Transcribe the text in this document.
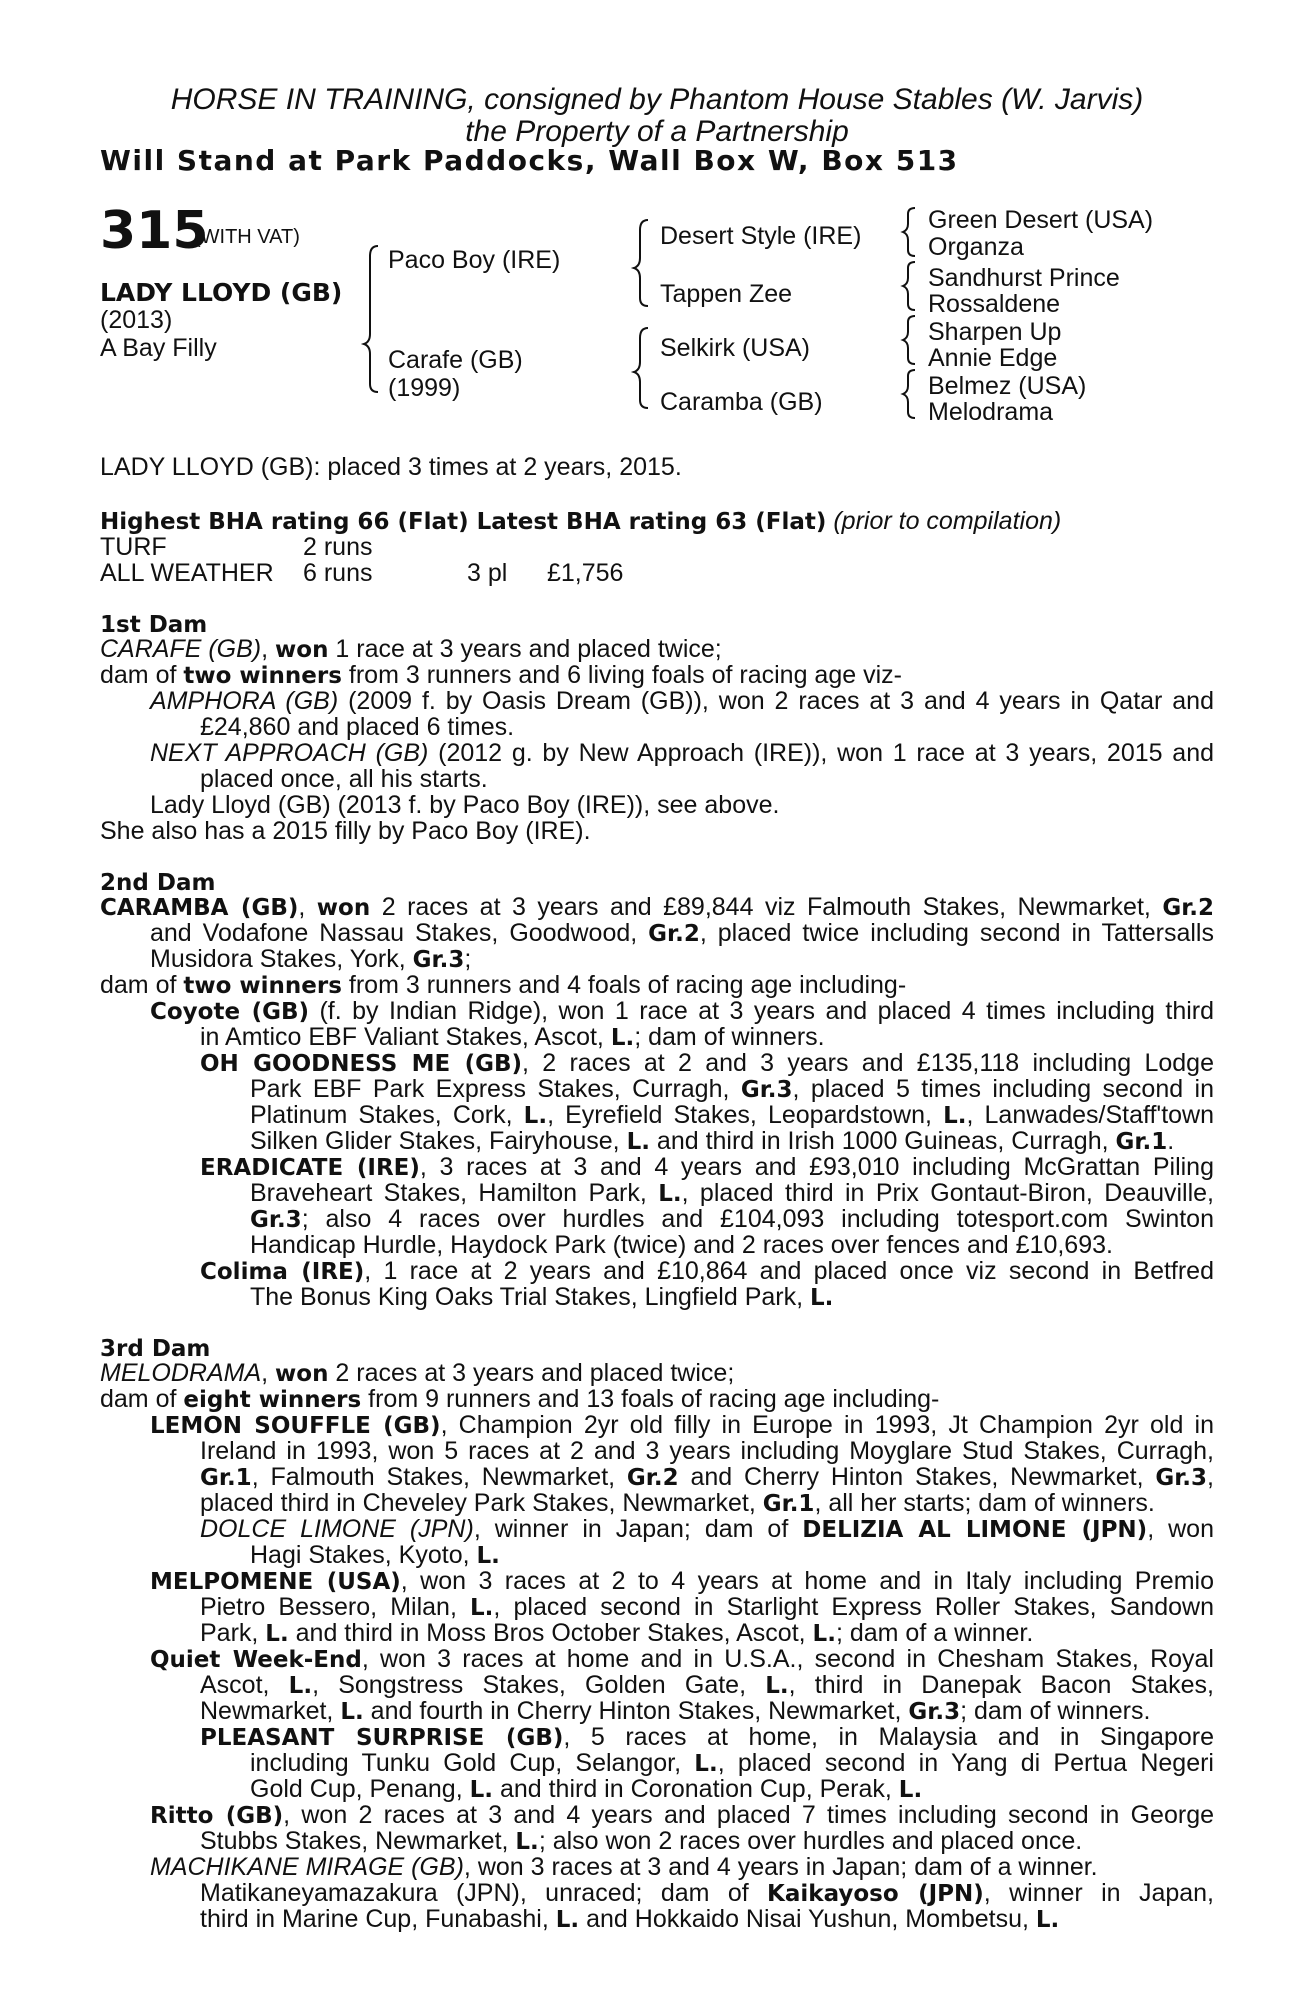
HORSE IN TRAINING, consigned by Phantom House Stables (W. Jarvis)
the Property of a Partnership
Will Stand at Park Paddocks, Wall Box W, Box 513
315
(WITH VAT)
LADY LLOYD (GB)
(2013)
A Bay Filly
Paco Boy (IRE)
Carafe (GB)
(1999)
Desert Style (IRE)
Tappen Zee
Selkirk (USA)
Caramba (GB)
Green Desert (USA)
Organza
Sandhurst Prince
Rossaldene
Sharpen Up
Annie Edge
Belmez (USA)
Melodrama
LADY LLOYD (GB): placed 3 times at 2 years, 2015.
Highest BHA rating 66 (Flat) Latest BHA rating 63 (Flat) (prior to compilation)
TURF	2 runs
ALL WEATHER 6 runs	3 pl £1,756
1st Dam
CARAFE (GB), won 1 race at 3 years and placed twice;
dam of two winners from 3 runners and 6 living foals of racing age viz-
AMPHORA (GB) (2009 f. by Oasis Dream (GB)), won 2 races at 3 and 4 years in Qatar and
£24,860 and placed 6 times.
NEXT APPROACH (GB) (2012 g. by New Approach (IRE)), won 1 race at 3 years, 2015 and
placed once, all his starts.
Lady Lloyd (GB) (2013 f. by Paco Boy (IRE)), see above.
She also has a 2015 filly by Paco Boy (IRE).
2nd Dam
CARAMBA (GB), won 2 races at 3 years and £89,844 viz Falmouth Stakes, Newmarket, Gr.2
and Vodafone Nassau Stakes, Goodwood, Gr.2, placed twice including second in Tattersalls
Musidora Stakes, York, Gr.3;
dam of two winners from 3 runners and 4 foals of racing age including-
Coyote (GB) (f. by Indian Ridge), won 1 race at 3 years and placed 4 times including third
in Amtico EBF Valiant Stakes, Ascot, L.; dam of winners.
OH GOODNESS ME (GB), 2 races at 2 and 3 years and £135,118 including Lodge
Park EBF Park Express Stakes, Curragh, Gr.3, placed 5 times including second in
Platinum Stakes, Cork, L., Eyrefield Stakes, Leopardstown, L., Lanwades/Staff'town
Silken Glider Stakes, Fairyhouse, L. and third in Irish 1000 Guineas, Curragh, Gr.1.
ERADICATE (IRE), 3 races at 3 and 4 years and £93,010 including McGrattan Piling
Braveheart Stakes, Hamilton Park, L., placed third in Prix Gontaut-Biron, Deauville,
Gr.3; also 4 races over hurdles and £104,093 including totesport.com Swinton
Handicap Hurdle, Haydock Park (twice) and 2 races over fences and £10,693.
Colima (IRE), 1 race at 2 years and £10,864 and placed once viz second in Betfred
The Bonus King Oaks Trial Stakes, Lingfield Park, L.
3rd Dam
MELODRAMA, won 2 races at 3 years and placed twice;
dam of eight winners from 9 runners and 13 foals of racing age including-
LEMON SOUFFLE (GB), Champion 2yr old filly in Europe in 1993, Jt Champion 2yr old in
Ireland in 1993, won 5 races at 2 and 3 years including Moyglare Stud Stakes, Curragh,
Gr.1, Falmouth Stakes, Newmarket, Gr.2 and Cherry Hinton Stakes, Newmarket, Gr.3,
placed third in Cheveley Park Stakes, Newmarket, Gr.1, all her starts; dam of winners.
DOLCE LIMONE (JPN), winner in Japan; dam of DELIZIA AL LIMONE (JPN), won
Hagi Stakes, Kyoto, L.
MELPOMENE (USA), won 3 races at 2 to 4 years at home and in Italy including Premio
Pietro Bessero, Milan, L., placed second in Starlight Express Roller Stakes, Sandown
Park, L. and third in Moss Bros October Stakes, Ascot, L.; dam of a winner.
Quiet Week-End, won 3 races at home and in U.S.A., second in Chesham Stakes, Royal
Ascot, L., Songstress Stakes, Golden Gate, L., third in Danepak Bacon Stakes,
Newmarket, L. and fourth in Cherry Hinton Stakes, Newmarket, Gr.3; dam of winners.
PLEASANT SURPRISE (GB), 5 races at home, in Malaysia and in Singapore
including Tunku Gold Cup, Selangor, L., placed second in Yang di Pertua Negeri
Gold Cup, Penang, L. and third in Coronation Cup, Perak, L.
Ritto (GB), won 2 races at 3 and 4 years and placed 7 times including second in George
Stubbs Stakes, Newmarket, L.; also won 2 races over hurdles and placed once.
MACHIKANE MIRAGE (GB), won 3 races at 3 and 4 years in Japan; dam of a winner.
Matikaneyamazakura (JPN), unraced; dam of Kaikayoso (JPN), winner in Japan,
third in Marine Cup, Funabashi, L. and Hokkaido Nisai Yushun, Mombetsu, L.
